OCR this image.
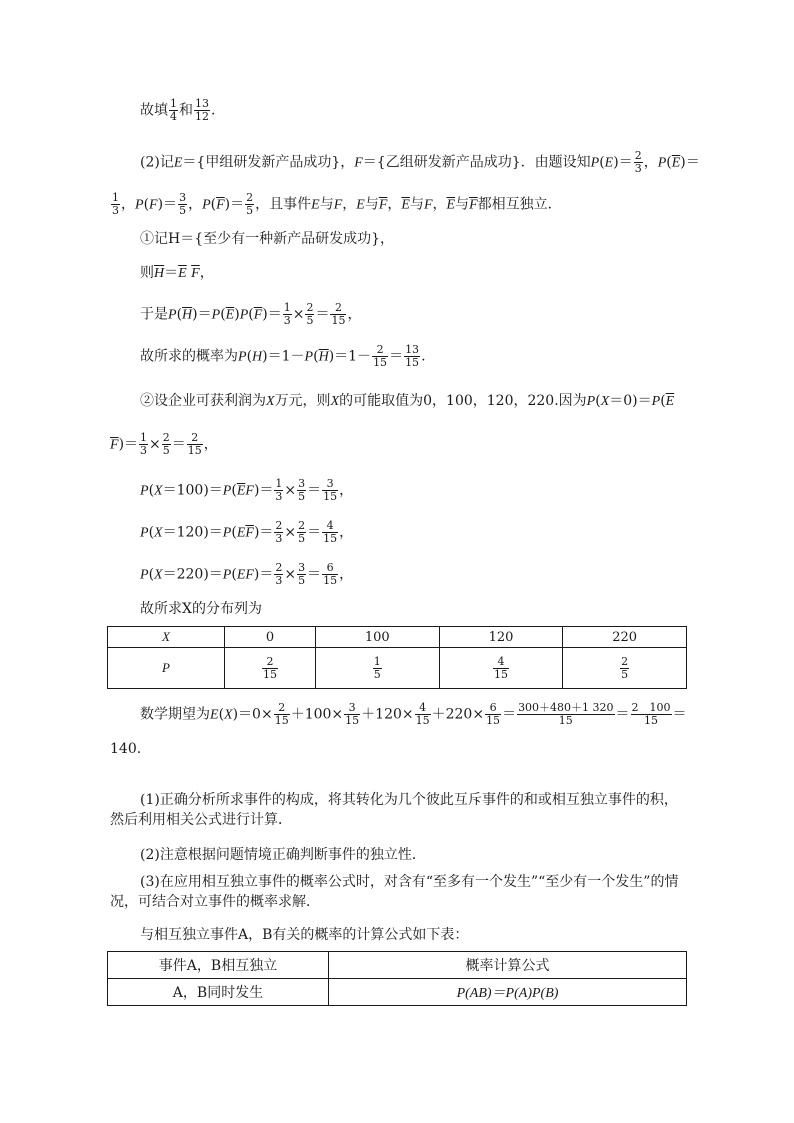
故填 $\frac{1}{4}$ 和 $\frac{13}{12}$ .
(2)记E＝{甲组研发新产品成功}，F＝{乙组研发新产品成功}．由题设知$P(E)= \frac{2}{3}$ ，$P(\overline{E})=$
$\frac{1}{3}$ ，$P(F)= \frac{3}{5}$ ，$P(\overline{F})= \frac{2}{5}$ ，且事件E与F，E与$\overline{F}$，$\overline{E}$与F，$\overline{E}$与$\overline{F}$都相互独立．
①记H＝{至少有一种新产品研发成功}，
则$\overline{H}=\overline{E}$ $\overline{F}$，
于是$P(\overline{H})=P(\overline{E})P(\overline{F})= \frac{1}{3} \times \frac{2}{5} = \frac{2}{15}$ ，
故所求的概率为$P(H)=1-P(\overline{H})=1- \frac{2}{15} = \frac{13}{15}$ .
②设企业可获利润为X万元，则X的可能取值为0，100，120，220.因为$P(X=0)=P(\overline{E}$
$\overline{F})= \frac{1}{3} \times \frac{2}{5} = \frac{2}{15}$ ，
$P(X=100)=P(\overline{E}F)= \frac{1}{3} \times \frac{3}{5} = \frac{3}{15}$ ，
$P(X=120)=P(E\overline{F})= \frac{2}{3} \times \frac{2}{5} = \frac{4}{15}$ ，
$P(X=220)=P(EF)= \frac{2}{3} \times \frac{3}{5} = \frac{6}{15}$ ，
故所求X的分布列为
X	0	100	120	220
P	$\frac{2}{15}$	$\frac{1}{5}$	$\frac{4}{15}$	$\frac{2}{5}$
数学期望为$E(X)=0\times \frac{2}{15} +100\times \frac{3}{15} +120\times \frac{4}{15} +220\times \frac{6}{15} = \frac{300+480+1 320}{15} = \frac{2 100}{15}$ ＝
140.
(1)正确分析所求事件的构成，将其转化为几个彼此互斥事件的和或相互独立事件的积，然后利用相关公式进行计算．
(2)注意根据问题情境正确判断事件的独立性．
(3)在应用相互独立事件的概率公式时，对含有“至多有一个发生”“至少有一个发生”的情况，可结合对立事件的概率求解．
与相互独立事件A，B有关的概率的计算公式如下表：
事件A，B相互独立	概率计算公式
A，B同时发生	P(AB)＝P(A)P(B)
